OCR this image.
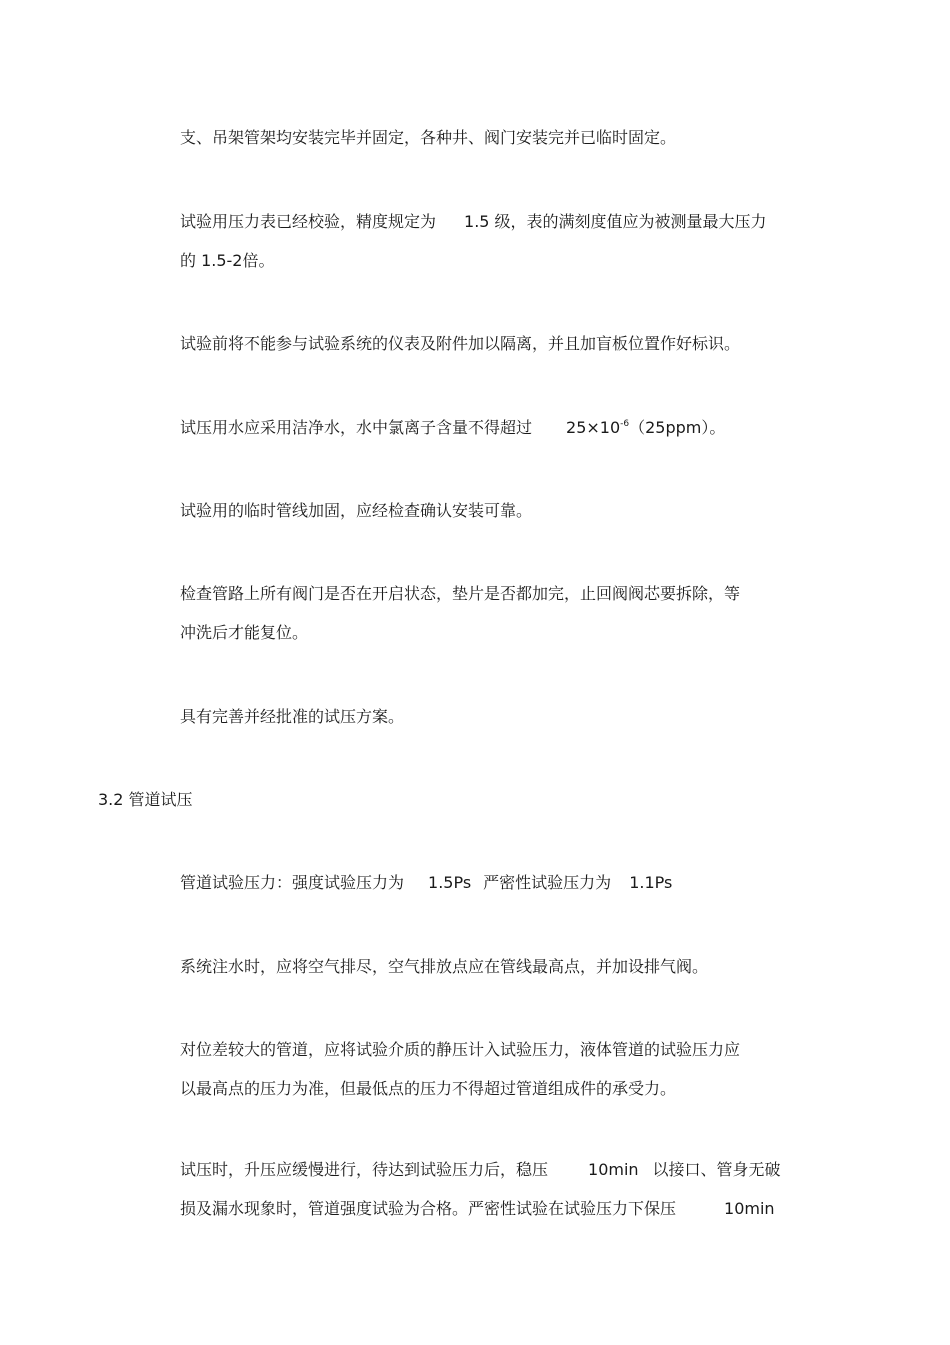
支、吊架管架均安装完毕并固定，各种井、阀门安装完并已临时固定。
试验用压力表已经校验，精度规定为 1.5 级，表的满刻度值应为被测量最大压力
的 1.5-2倍。
试验前将不能参与试验系统的仪表及附件加以隔离，并且加盲板位置作好标识。
试压用水应采用洁净水，水中氯离子含量不得超过 $25\times 10^{-6}(25ppm)$。
试验用的临时管线加固，应经检查确认安装可靠。
检查管路上所有阀门是否在开启状态，垫片是否都加完，止回阀阀芯要拆除，等
冲洗后才能复位。
具有完善并经批准的试压方案。
3.2 管道试压
管道试验压力：强度试验压力为 1.5Ps 严密性试验压力为 1.1Ps
系统注水时，应将空气排尽，空气排放点应在管线最高点，并加设排气阀。
对位差较大的管道，应将试验介质的静压计入试验压力，液体管道的试验压力应
以最高点的压力为准，但最低点的压力不得超过管道组成件的承受力。
试压时，升压应缓慢进行，待达到试验压力后，稳压	10min 以接口、管身无破
损及漏水现象时，管道强度试验为合格。严密性试验在试验压力下保压	10min
